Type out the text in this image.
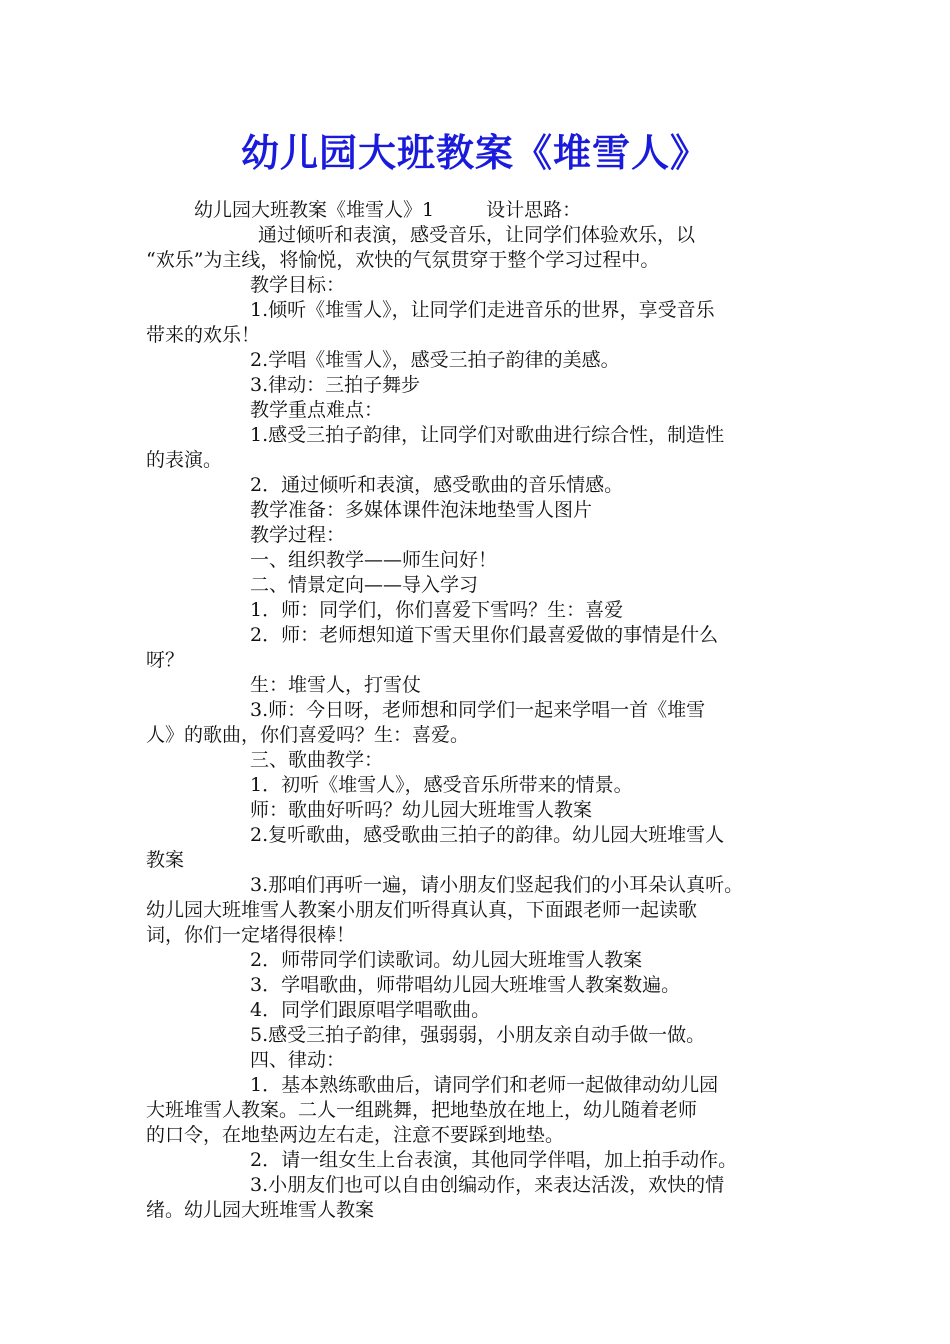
幼儿园大班教案《堆雪人》
幼儿园大班教案《堆雪人》1	设计思路：
通过倾听和表演，感受音乐，让同学们体验欢乐，以
“欢乐”为主线，将愉悦，欢快的气氛贯穿于整个学习过程中。
教学目标：
1.倾听《堆雪人》，让同学们走进音乐的世界，享受音乐
带来的欢乐！
2.学唱《堆雪人》，感受三拍子韵律的美感。
3.律动：三拍子舞步
教学重点难点：
1.感受三拍子韵律，让同学们对歌曲进行综合性，制造性
的表演。
2．通过倾听和表演，感受歌曲的音乐情感。
教学准备：多媒体课件泡沫地垫雪人图片
教学过程：
一、组织教学——师生问好！
二、情景定向——导入学习
1．师：同学们，你们喜爱下雪吗？生：喜爱
2．师：老师想知道下雪天里你们最喜爱做的事情是什么
呀？
生：堆雪人，打雪仗
3.师：今日呀，老师想和同学们一起来学唱一首《堆雪
人》的歌曲，你们喜爱吗？生：喜爱。
三、歌曲教学：
1．初听《堆雪人》，感受音乐所带来的情景。
师：歌曲好听吗？幼儿园大班堆雪人教案
2.复听歌曲，感受歌曲三拍子的韵律。幼儿园大班堆雪人
教案
3.那咱们再听一遍，请小朋友们竖起我们的小耳朵认真听。
幼儿园大班堆雪人教案小朋友们听得真认真，下面跟老师一起读歌
词，你们一定堵得很棒！
2．师带同学们读歌词。幼儿园大班堆雪人教案
3．学唱歌曲，师带唱幼儿园大班堆雪人教案数遍。
4．同学们跟原唱学唱歌曲。
5.感受三拍子韵律，强弱弱，小朋友亲自动手做一做。
四、律动：
1．基本熟练歌曲后，请同学们和老师一起做律动幼儿园
大班堆雪人教案。二人一组跳舞，把地垫放在地上，幼儿随着老师
的口令，在地垫两边左右走，注意不要踩到地垫。
2．请一组女生上台表演，其他同学伴唱，加上拍手动作。
3.小朋友们也可以自由创编动作，来表达活泼，欢快的情
绪。幼儿园大班堆雪人教案
